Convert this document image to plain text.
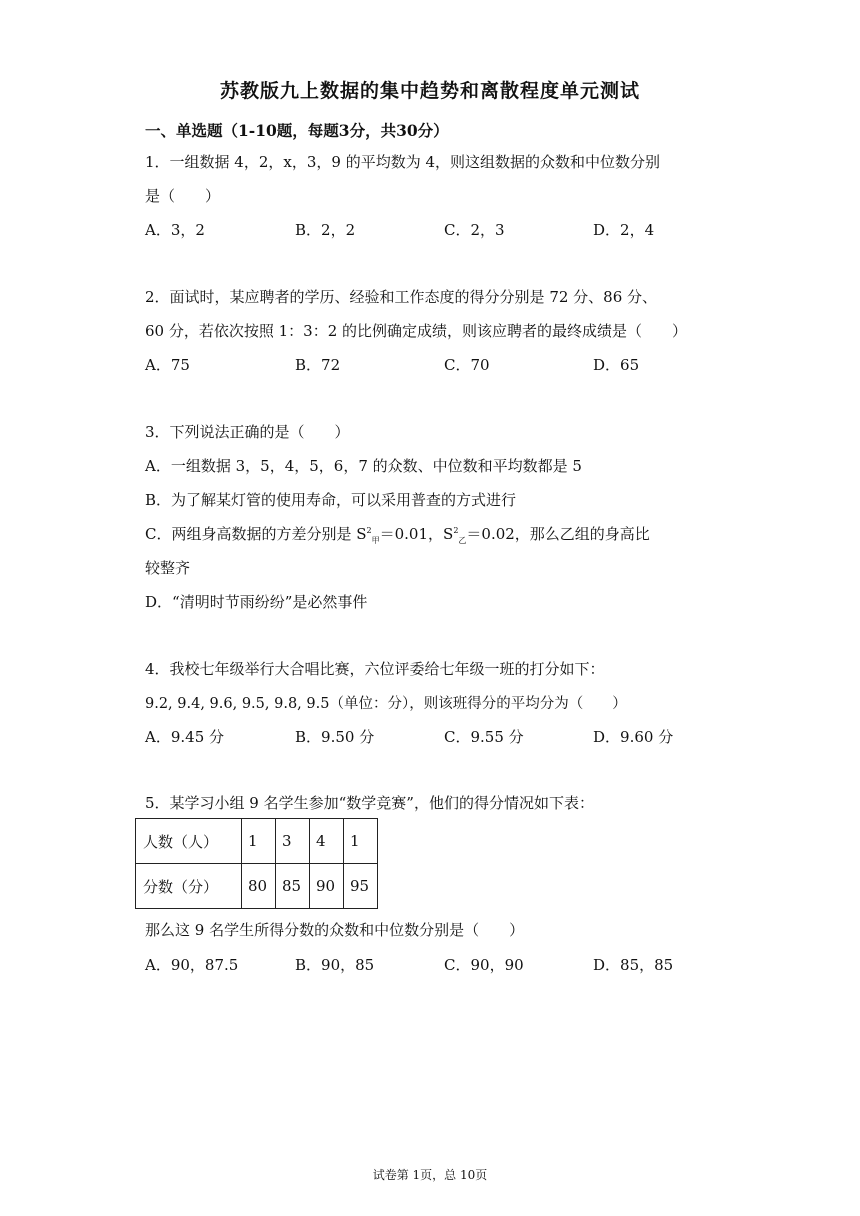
苏教版九上数据的集中趋势和离散程度单元测试
一、单选题（1-10题，每题3分，共30分）
1．一组数据 4，2，x，3，9 的平均数为 4，则这组数据的众数和中位数分别
是（　　）
A．3，2	B．2，2	C．2，3	D．2，4
2．面试时，某应聘者的学历、经验和工作态度的得分分别是 72 分、86 分、
60 分，若依次按照 1：3：2 的比例确定成绩，则该应聘者的最终成绩是（　　）
A．75	B．72	C．70	D．65
3．下列说法正确的是（　　）
A．一组数据 3，5，4，5，6，7 的众数、中位数和平均数都是 5
B．为了解某灯管的使用寿命，可以采用普查的方式进行
C．两组身高数据的方差分别是 $S^2_甲=0.01$，$S^2_乙=0.02$，那么乙组的身高比
较整齐
D．“清明时节雨纷纷”是必然事件
4．我校七年级举行大合唱比赛，六位评委给七年级一班的打分如下：
9.2, 9.4, 9.6, 9.5, 9.8, 9.5（单位：分），则该班得分的平均分为（　　）
A．9.45 分	B．9.50 分	C．9.55 分	D．9.60 分
5．某学习小组 9 名学生参加“数学竞赛”，他们的得分情况如下表：
人数（人）	1	3	4	1
分数（分）	80	85	90	95
那么这 9 名学生所得分数的众数和中位数分别是（　　）
A．90，87.5	B．90，85	C．90，90	D．85，85
试卷第 1页，总 10页
